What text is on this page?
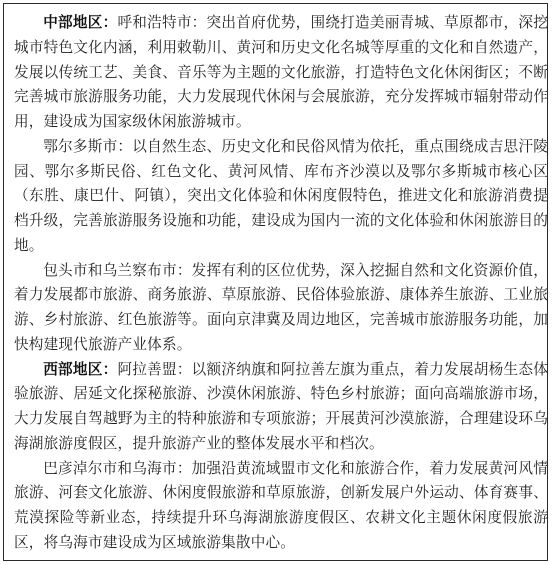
中部地区：呼和浩特市：突出首府优势，围绕打造美丽青城、草原都市，深挖城市特色文化内涵，利用敕勒川、黄河和历史文化名城等厚重的文化和自然遗产，发展以传统工艺、美食、音乐等为主题的文化旅游，打造特色文化休闲街区；不断完善城市旅游服务功能，大力发展现代休闲与会展旅游，充分发挥城市辐射带动作用，建设成为国家级休闲旅游城市。

鄂尔多斯市：以自然生态、历史文化和民俗风情为依托，重点围绕成吉思汗陵园、鄂尔多斯民俗、红色文化、黄河风情、库布齐沙漠以及鄂尔多斯城市核心区（东胜、康巴什、阿镇），突出文化体验和休闲度假特色，推进文化和旅游消费提档升级，完善旅游服务设施和功能，建设成为国内一流的文化体验和休闲旅游目的地。

包头市和乌兰察布市：发挥有利的区位优势，深入挖掘自然和文化资源价值，着力发展都市旅游、商务旅游、草原旅游、民俗体验旅游、康体养生旅游、工业旅游、乡村旅游、红色旅游等。面向京津冀及周边地区，完善城市旅游服务功能，加快构建现代旅游产业体系。

西部地区：阿拉善盟：以额济纳旗和阿拉善左旗为重点，着力发展胡杨生态体验旅游、居延文化探秘旅游、沙漠休闲旅游、特色乡村旅游；面向高端旅游市场，大力发展自驾越野为主的特种旅游和专项旅游；开展黄河沙漠旅游，合理建设环乌海湖旅游度假区，提升旅游产业的整体发展水平和档次。

巴彦淖尔市和乌海市：加强沿黄流域盟市文化和旅游合作，着力发展黄河风情旅游、河套文化旅游、休闲度假旅游和草原旅游，创新发展户外运动、体育赛事、荒漠探险等新业态，持续提升环乌海湖旅游度假区、农耕文化主题休闲度假旅游区，将乌海市建设成为区域旅游集散中心。
